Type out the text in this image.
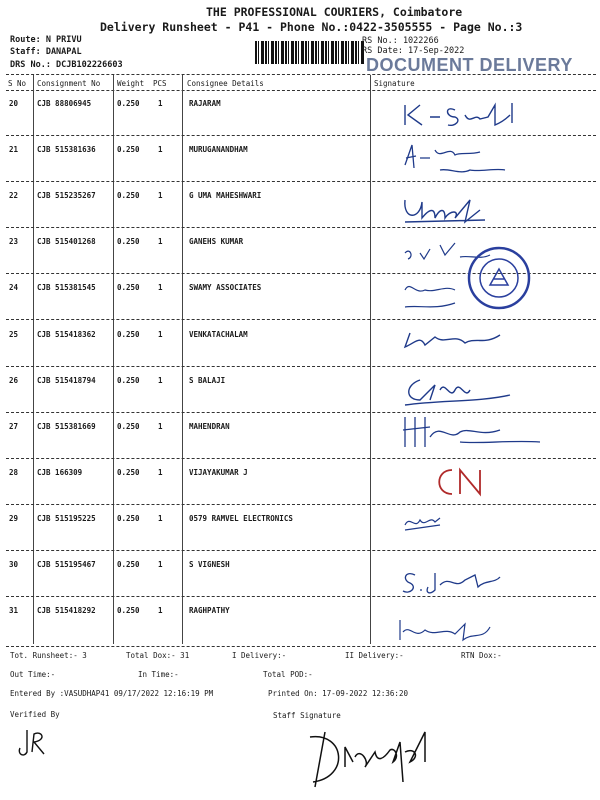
THE PROFESSIONAL COURIERS, Coimbatore
Delivery Runsheet - P41 - Phone No.:0422-3505555 - Page No.:3
Route: N PRIVU
Staff: DANAPAL
DRS No.: DCJB102226603
RS No.: 1022266
RS Date: 17-Sep-2022
DOCUMENT DELIVERY
S No Consignment No Weight PCS	Consignee Details	Signature
20	CJB 88806945	0.250 1	RAJARAM
21	CJB 515381636	0.250 1	MURUGANANDHAM
22	CJB 515235267	0.250 1	G UMA MAHESHWARI
23	CJB 515401268	0.250 1	GANEHS KUMAR
24	CJB 515381545	0.250 1	SWAMY ASSOCIATES
25	CJB 515418362	0.250 1	VENKATACHALAM
26	CJB 515418794	0.250 1	S BALAJI
27	CJB 515381669	0.250 1	MAHENDRAN
28	CJB 166309	0.250 1	VIJAYAKUMAR J
29	CJB 515195225	0.250 1	0579 RAMVEL ELECTRONICS
30	CJB 515195467	0.250 1	S VIGNESH
31	CJB 515418292	0.250 1	RAGHPATHY
Tot. Runsheet:- 3	Total Dox:- 31	I Delivery:-	II Delivery:-	RTN Dox:-
Out Time:-	In Time:-	Total POD:-
Entered By :VASUDHAP41 09/17/2022 12:16:19 PM	Printed On: 17-09-2022 12:36:20
Verified By	Staff Signature
